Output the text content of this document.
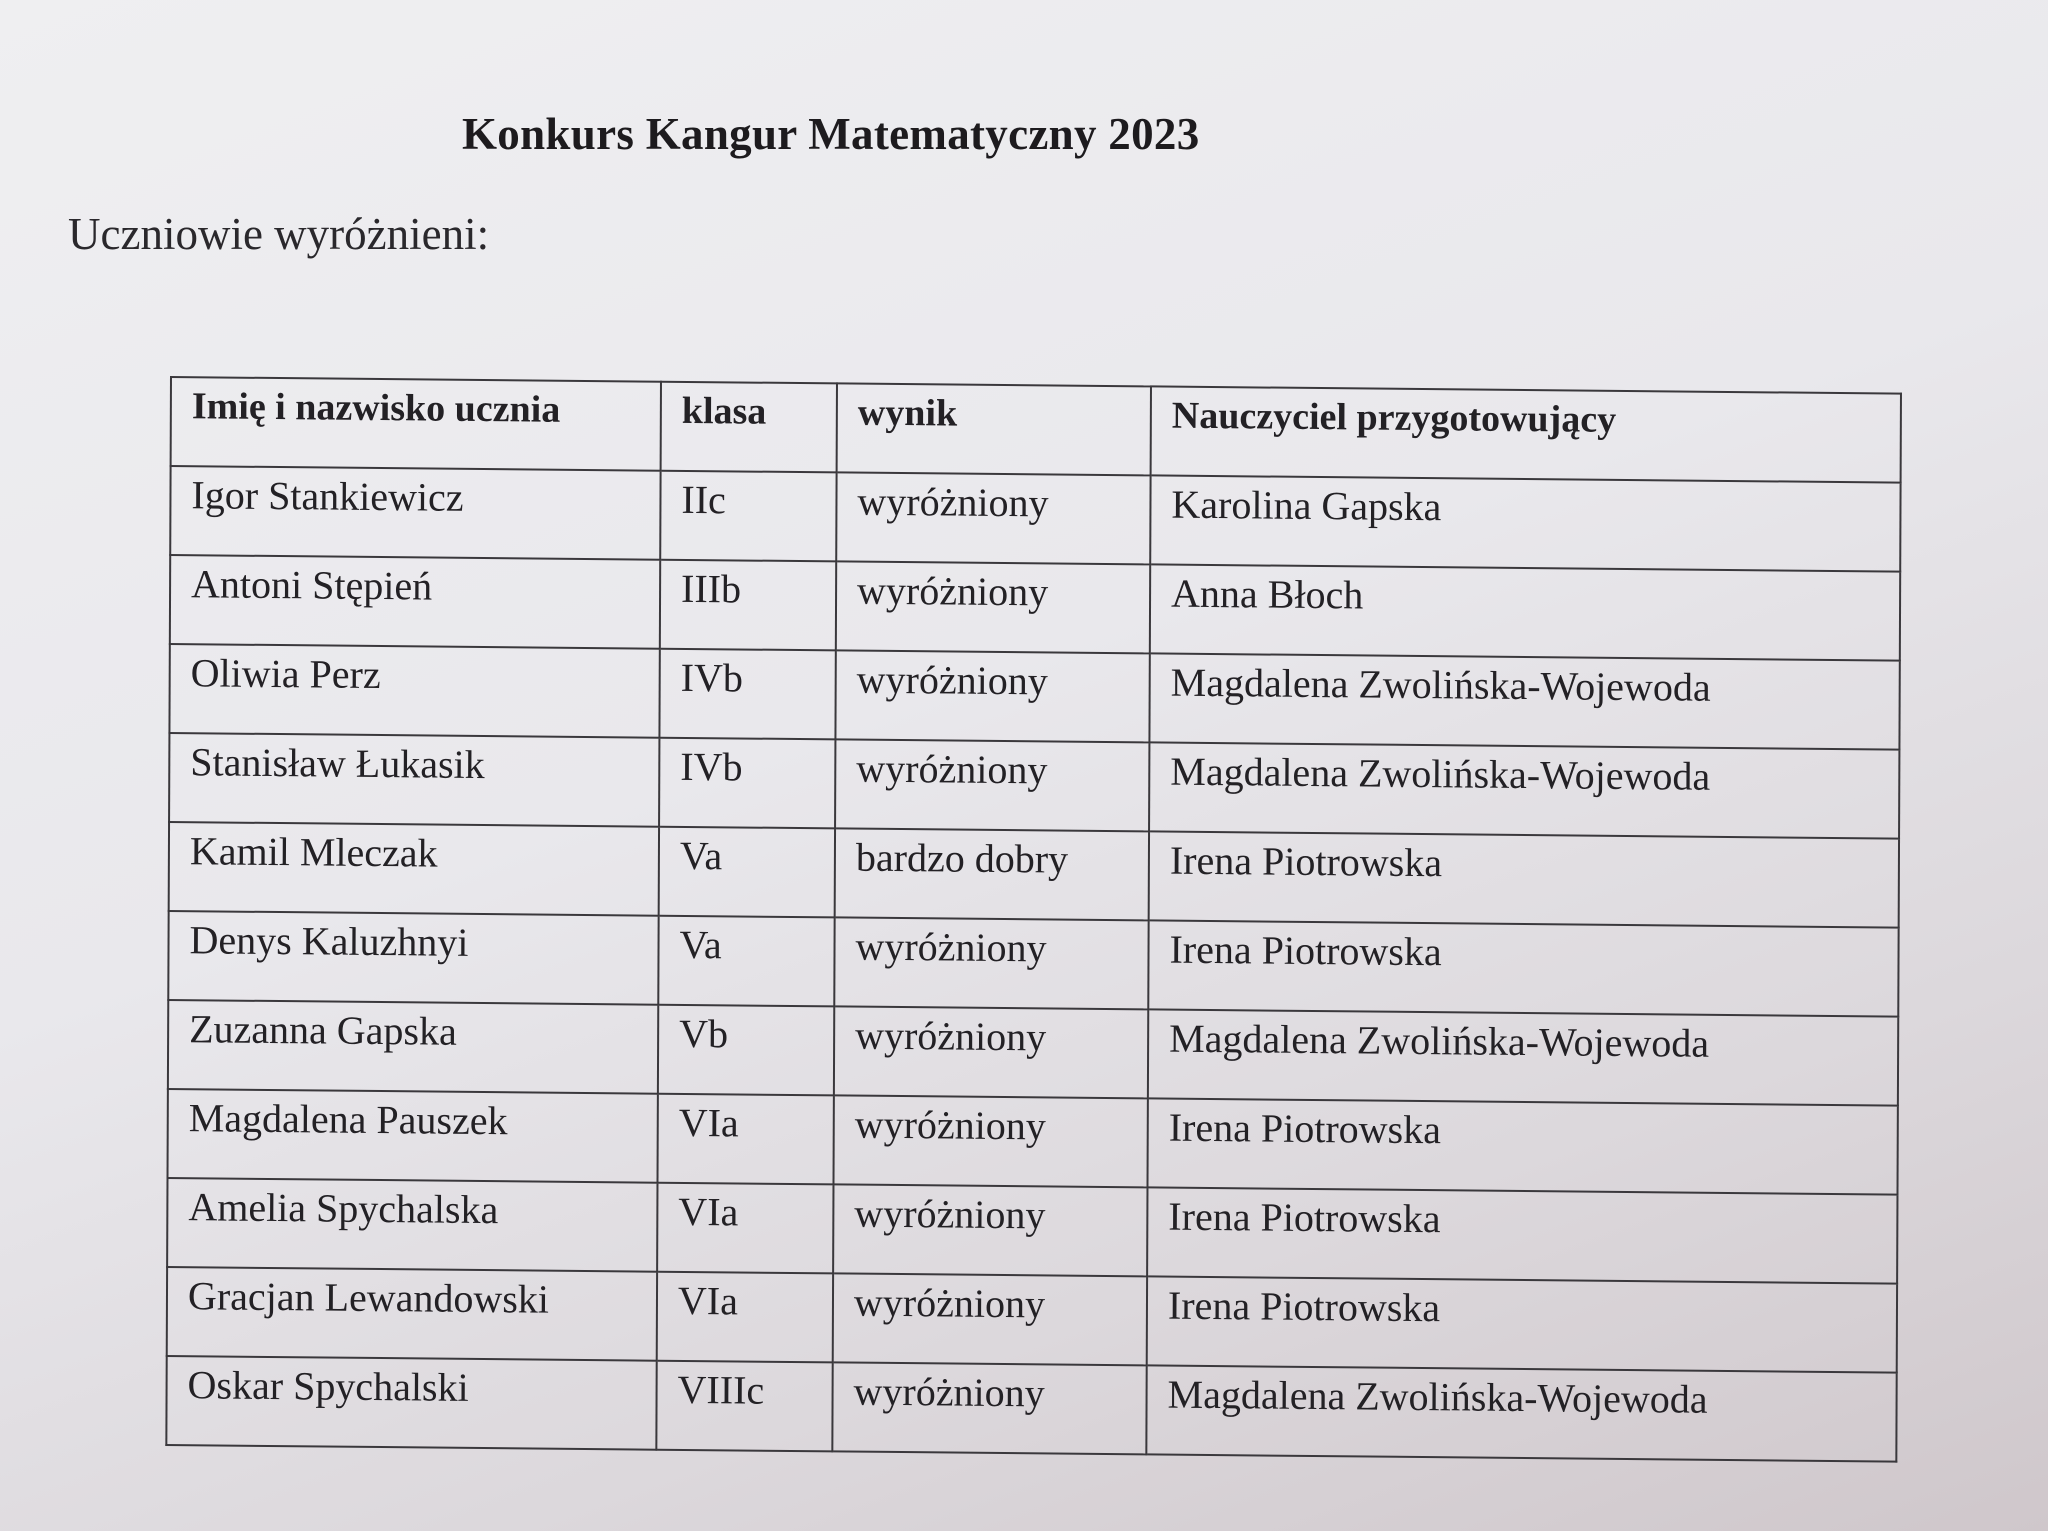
Konkurs Kangur Matematyczny 2023
Uczniowie wyróżnieni:
Imię i nazwisko ucznia	klasa	wynik	Nauczyciel przygotowujący
Igor Stankiewicz	IIc	wyróżniony	Karolina Gapska
Antoni Stępień	IIIb	wyróżniony	Anna Błoch
Oliwia Perz	IVb	wyróżniony	Magdalena Zwolińska-Wojewoda
Stanisław Łukasik	IVb	wyróżniony	Magdalena Zwolińska-Wojewoda
Kamil Mleczak	Va	bardzo dobry	Irena Piotrowska
Denys Kaluzhnyi	Va	wyróżniony	Irena Piotrowska
Zuzanna Gapska	Vb	wyróżniony	Magdalena Zwolińska-Wojewoda
Magdalena Pauszek	VIa	wyróżniony	Irena Piotrowska
Amelia Spychalska	VIa	wyróżniony	Irena Piotrowska
Gracjan Lewandowski	VIa	wyróżniony	Irena Piotrowska
Oskar Spychalski	VIIIc	wyróżniony	Magdalena Zwolińska-Wojewoda
